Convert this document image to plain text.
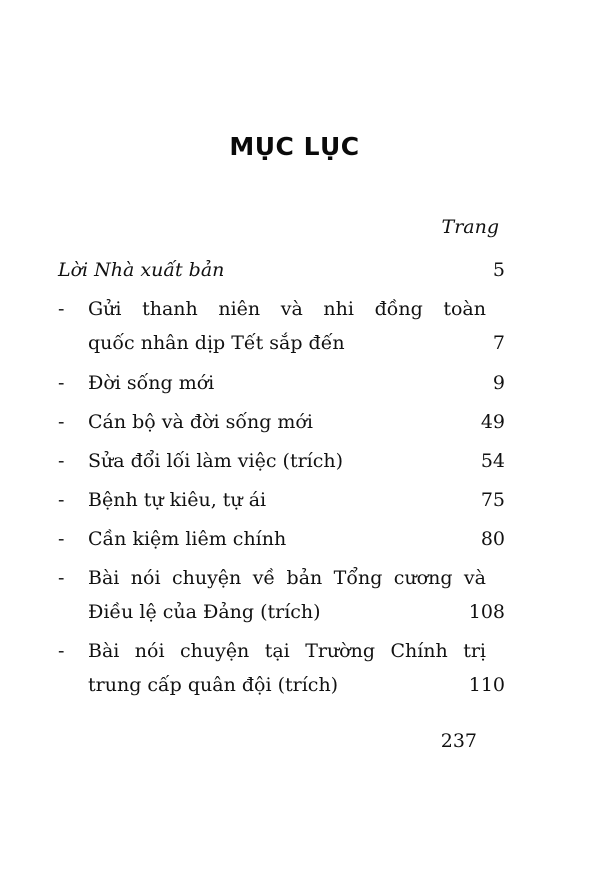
MỤC LỤC
Trang
Lời Nhà xuất bản	5
- Gửi thanh niên và nhi đồng toàn
quốc nhân dịp Tết sắp đến	7
- Đời sống mới	9
- Cán bộ và đời sống mới	49
- Sửa đổi lối làm việc (trích)	54
- Bệnh tự kiêu, tự ái	75
- Cần kiệm liêm chính	80
- Bài nói chuyện về bản Tổng cương và
Điều lệ của Đảng (trích)	108
- Bài nói chuyện tại Trường Chính trị
trung cấp quân đội (trích)	110
237
